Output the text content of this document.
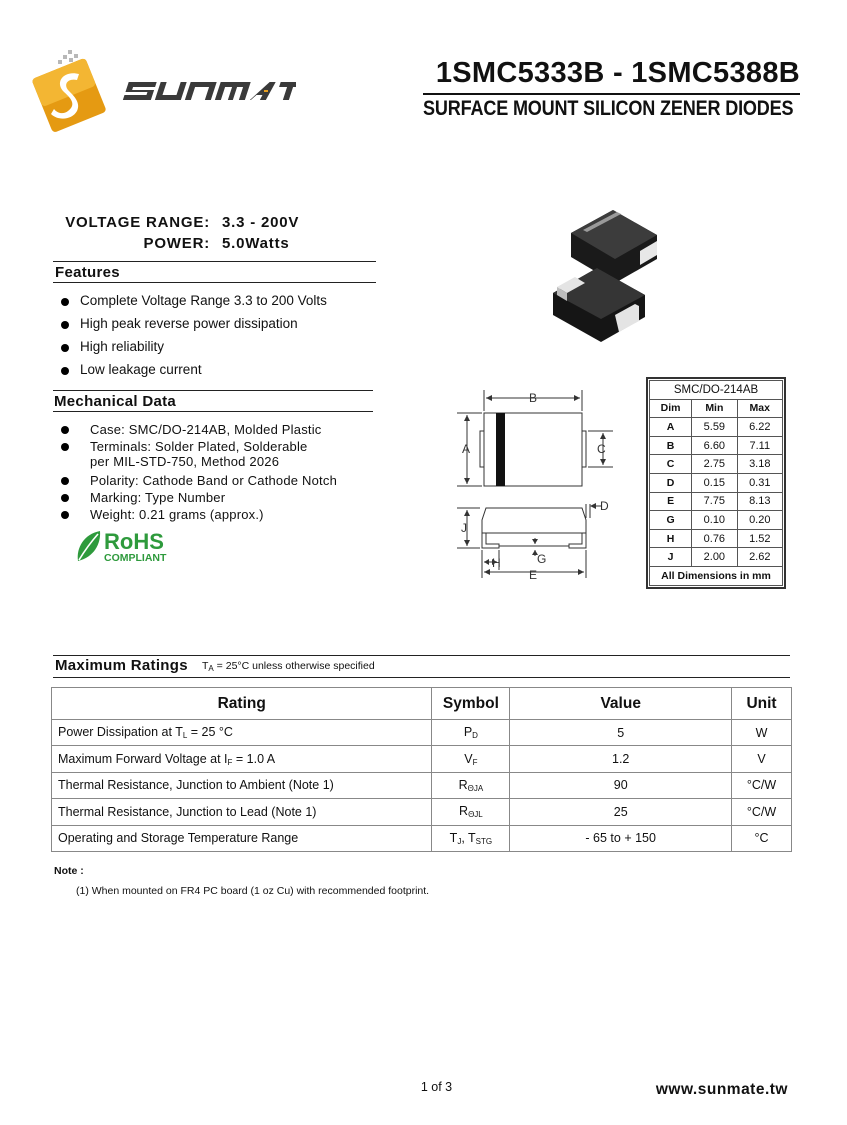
1SMC5333B - 1SMC5388B
SURFACE MOUNT SILICON ZENER DIODES
VOLTAGE RANGE: 3.3 - 200V
POWER: 5.0Watts
Features
Complete Voltage Range 3.3 to 200 Volts
High peak reverse power dissipation
High reliability
Low leakage current
Mechanical Data
Case: SMC/DO-214AB, Molded Plastic
Terminals: Solder Plated, Solderable
per MIL-STD-750, Method 2026
Polarity: Cathode Band or Cathode Notch
Marking: Type Number
Weight: 0.21 grams (approx.)
RoHS
COMPLIANT
B
A	C
D
J
H	G
E
SMC/DO-214AB		
Dim	Min	Max
A	5.59	6.22
B	6.60	7.11
C	2.75	3.18
D	0.15	0.31
E	7.75	8.13
G	0.10	0.20
H	0.76	1.52
J	2.00	2.62
All Dimensions in mm		
Maximum Ratings $T_A = 25^\circ C$ unless otherwise specified
Rating	Symbol	Value	Unit
Power Dissipation at $T_L = 25$ °C	$P_D$	5	W
Maximum Forward Voltage at $I_F = 1.0$ A	$V_F$	1.2	V
Thermal Resistance, Junction to Ambient (Note 1)	$R_{\Theta JA}$	90	°C/W
Thermal Resistance, Junction to Lead (Note 1)	$R_{\Theta JL}$	25	°C/W
Operating and Storage Temperature Range	$T_J$, $T_{STG}$	- 65 to + 150	°C
Note :
(1) When mounted on FR4 PC board (1 oz Cu) with recommended footprint.
1 of 3	www.sunmate.tw
